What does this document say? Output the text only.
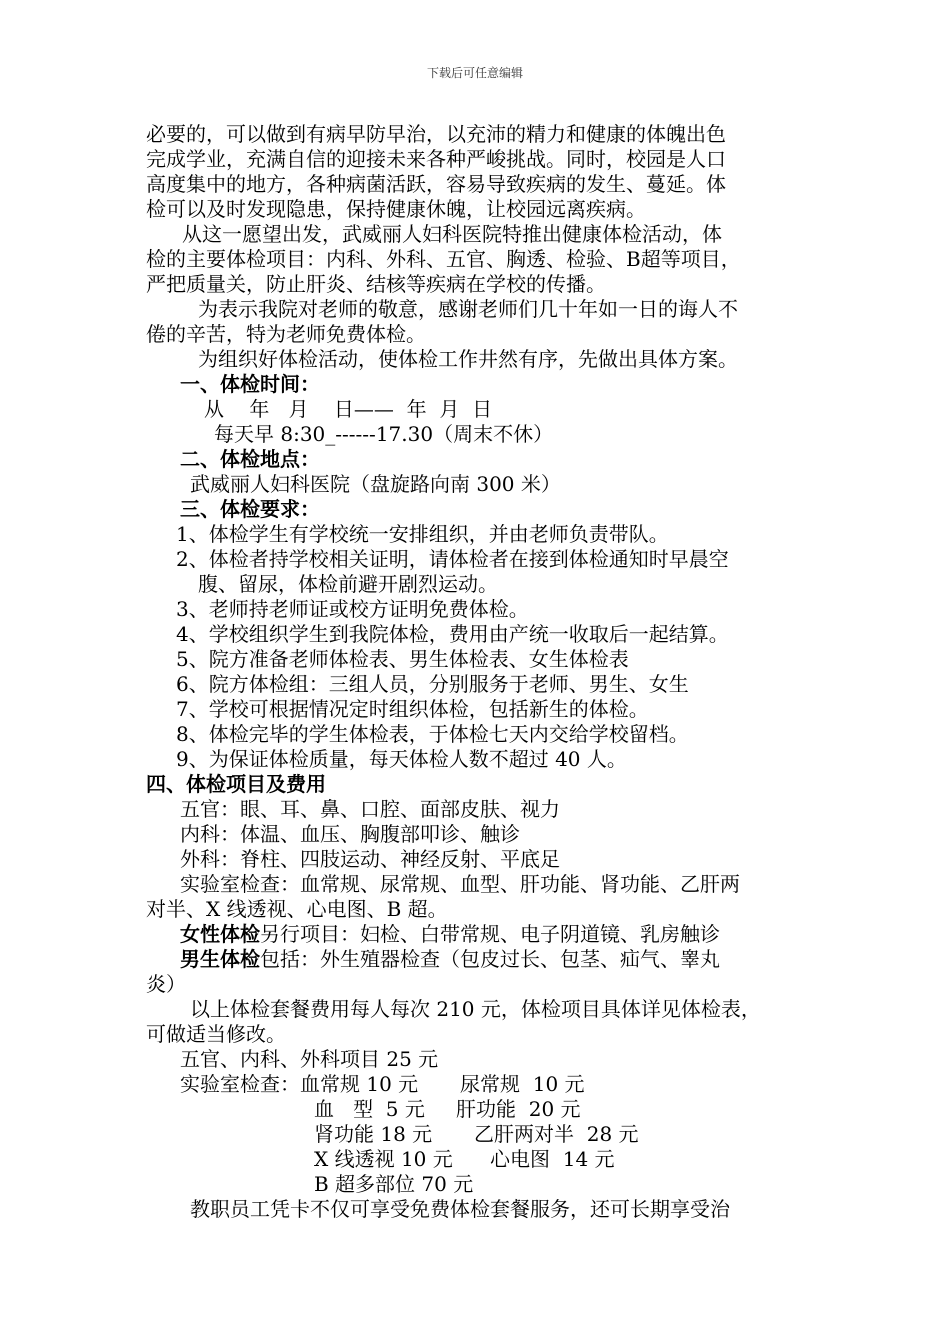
下载后可任意编辑
必要的，可以做到有病早防早治，以充沛的精力和健康的体魄出色
完成学业，充满自信的迎接未来各种严峻挑战。同时，校园是人口
高度集中的地方，各种病菌活跃，容易导致疾病的发生、蔓延。体
检可以及时发现隐患，保持健康休魄，让校园远离疾病。
从这一愿望出发，武威丽人妇科医院特推出健康体检活动，体
检的主要体检项目：内科、外科、五官、胸透、检验、B超等项目，
严把质量关，防止肝炎、结核等疾病在学校的传播。
为表示我院对老师的敬意，感谢老师们几十年如一日的诲人不
倦的辛苦，特为老师免费体检。
为组织好体检活动，使体检工作井然有序，先做出具体方案。
一、体检时间：
从    年   月    日——  年  月  日
每天早 8:30_------17.30（周末不休）
二、体检地点：
武威丽人妇科医院（盘旋路向南 300 米）
三、体检要求：
1、体检学生有学校统一安排组织，并由老师负责带队。
2、体检者持学校相关证明，请体检者在接到体检通知时早晨空
腹、留尿，体检前避开剧烈运动。
3、老师持老师证或校方证明免费体检。
4、学校组织学生到我院体检，费用由产统一收取后一起结算。
5、院方准备老师体检表、男生体检表、女生体检表
6、院方体检组：三组人员，分别服务于老师、男生、女生
7、学校可根据情况定时组织体检，包括新生的体检。
8、体检完毕的学生体检表，于体检七天内交给学校留档。
9、为保证体检质量，每天体检人数不超过 40 人。
四、体检项目及费用
五官：眼、耳、鼻、口腔、面部皮肤、视力
内科：体温、血压、胸腹部叩诊、触诊
外科：脊柱、四肢运动、神经反射、平底足
实验室检查：血常规、尿常规、血型、肝功能、肾功能、乙肝两
对半、X 线透视、心电图、B 超。
女性体检另行项目：妇检、白带常规、电子阴道镜、乳房触诊
男生体检包括：外生殖器检查（包皮过长、包茎、疝气、睾丸
炎）
以上体检套餐费用每人每次 210 元，体检项目具体详见体检表，
可做适当修改。
五官、内科、外科项目 25 元
实验室检查：血常规 10 元 尿常规  10 元
血   型  5 元 肝功能  20 元
肾功能 18 元 乙肝两对半  28 元
X 线透视 10 元 心电图  14 元
B 超多部位 70 元
教职员工凭卡不仅可享受免费体检套餐服务，还可长期享受治
